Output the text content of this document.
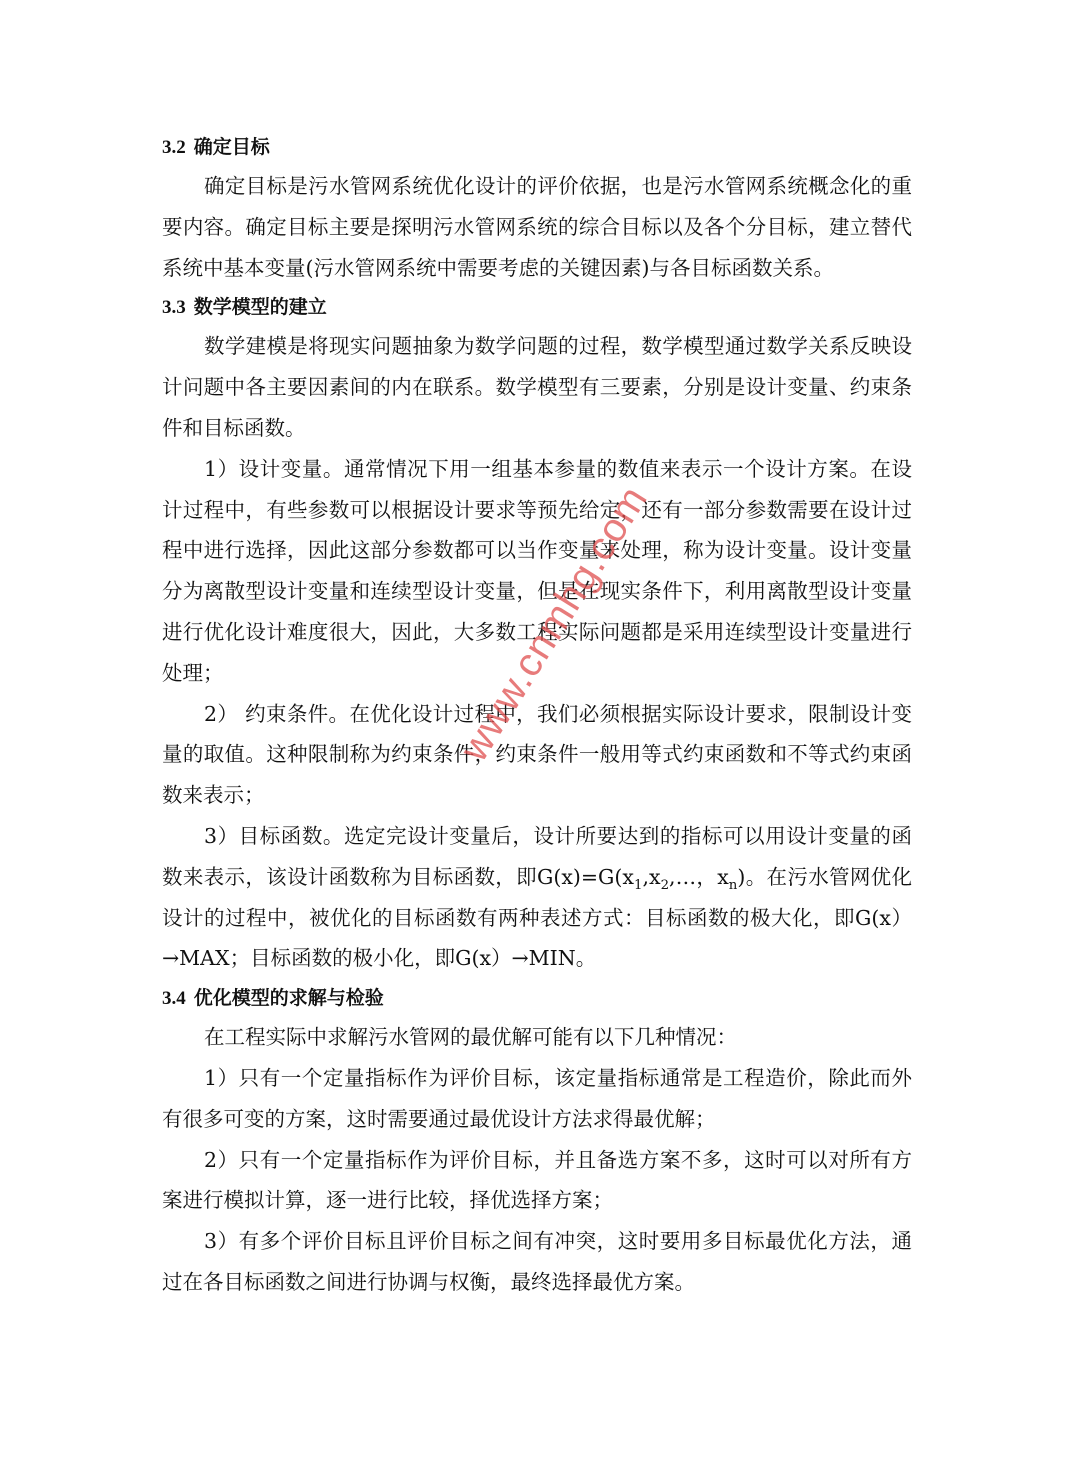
3.2 确定目标

确定目标是污水管网系统优化设计的评价依据，也是污水管网系统概念化的重要内容。确定目标主要是探明污水管网系统的综合目标以及各个分目标，建立替代系统中基本变量(污水管网系统中需要考虑的关键因素)与各目标函数关系。

3.3 数学模型的建立

数学建模是将现实问题抽象为数学问题的过程，数学模型通过数学关系反映设计问题中各主要因素间的内在联系。数学模型有三要素，分别是设计变量、约束条件和目标函数。

1）设计变量。通常情况下用一组基本参量的数值来表示一个设计方案。在设计过程中，有些参数可以根据设计要求等预先给定，还有一部分参数需要在设计过程中进行选择，因此这部分参数都可以当作变量来处理，称为设计变量。设计变量分为离散型设计变量和连续型设计变量，但是在现实条件下，利用离散型设计变量进行优化设计难度很大，因此，大多数工程实际问题都是采用连续型设计变量进行处理；

2） 约束条件。在优化设计过程中，我们必须根据实际设计要求，限制设计变量的取值。这种限制称为约束条件，约束条件一般用等式约束函数和不等式约束函数来表示；

3）目标函数。选定完设计变量后，设计所要达到的指标可以用设计变量的函数来表示，该设计函数称为目标函数，即$G(x)=G(x_1,x_2,\dots$，$x_n$)。在污水管网优化设计的过程中，被优化的目标函数有两种表述方式：目标函数的极大化，即G(x）→MAX；目标函数的极小化，即G(x）→MIN。

3.4 优化模型的求解与检验

在工程实际中求解污水管网的最优解可能有以下几种情况：

1）只有一个定量指标作为评价目标，该定量指标通常是工程造价，除此而外有很多可变的方案，这时需要通过最优设计方法求得最优解；

2）只有一个定量指标作为评价目标，并且备选方案不多，这时可以对所有方案进行模拟计算，逐一进行比较，择优选择方案；

3）有多个评价目标且评价目标之间有冲突，这时要用多目标最优化方法，通过在各目标函数之间进行协调与权衡，最终选择最优方案。

www.cnmhg.com
